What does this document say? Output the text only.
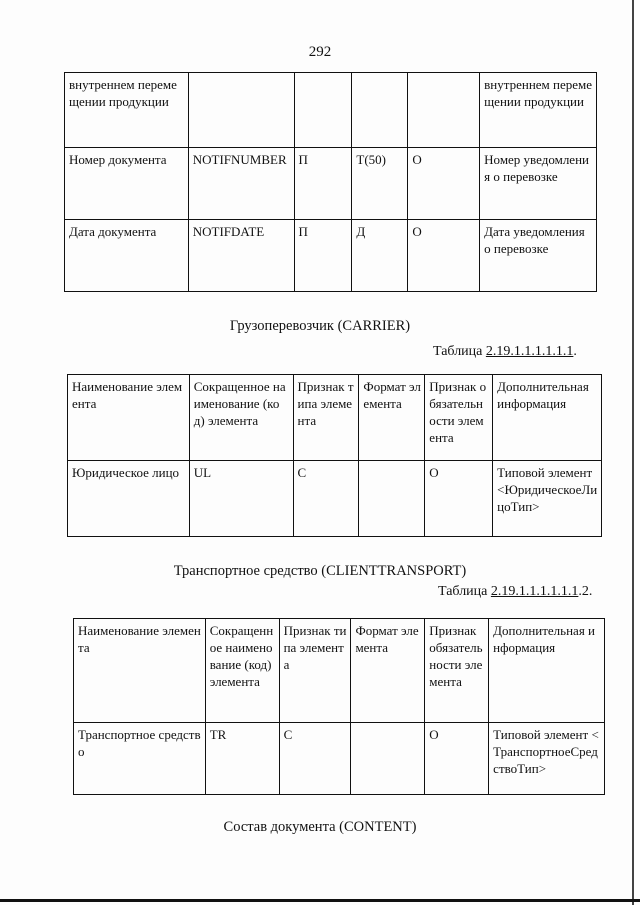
292
внутреннем перемещении продукции					внутреннем перемещении продукции
Номер документа	NOTIFNUMBER	П	T(50)	О	Номер уведомления о перевозке
Дата документа	NOTIFDATE	П	Д	О	Дата уведомления о перевозке
Грузоперевозчик (CARRIER)
Таблица 2.19.1.1.1.1.1.1.
Наименование элемента	Сокращенное наименование (код) элемента	Признак типа элемента	Формат элемента	Признак обязательности элемента	Дополнительная информация
Юридическое лицо	UL	С		О	Типовой элемент <ЮридическоеЛицоТип>
Транспортное средство (CLIENTTRANSPORT)
Таблица 2.19.1.1.1.1.1.1.2.
Наименование элемента	Сокращенное наименование (код) элемента	Признак типа элемента	Формат элемента	Признак обязательности элемента	Дополнительная информация
Транспортное средство	TR	С		О	Типовой элемент <ТранспортноеСредствоТип>
Состав документа (CONTENT)
